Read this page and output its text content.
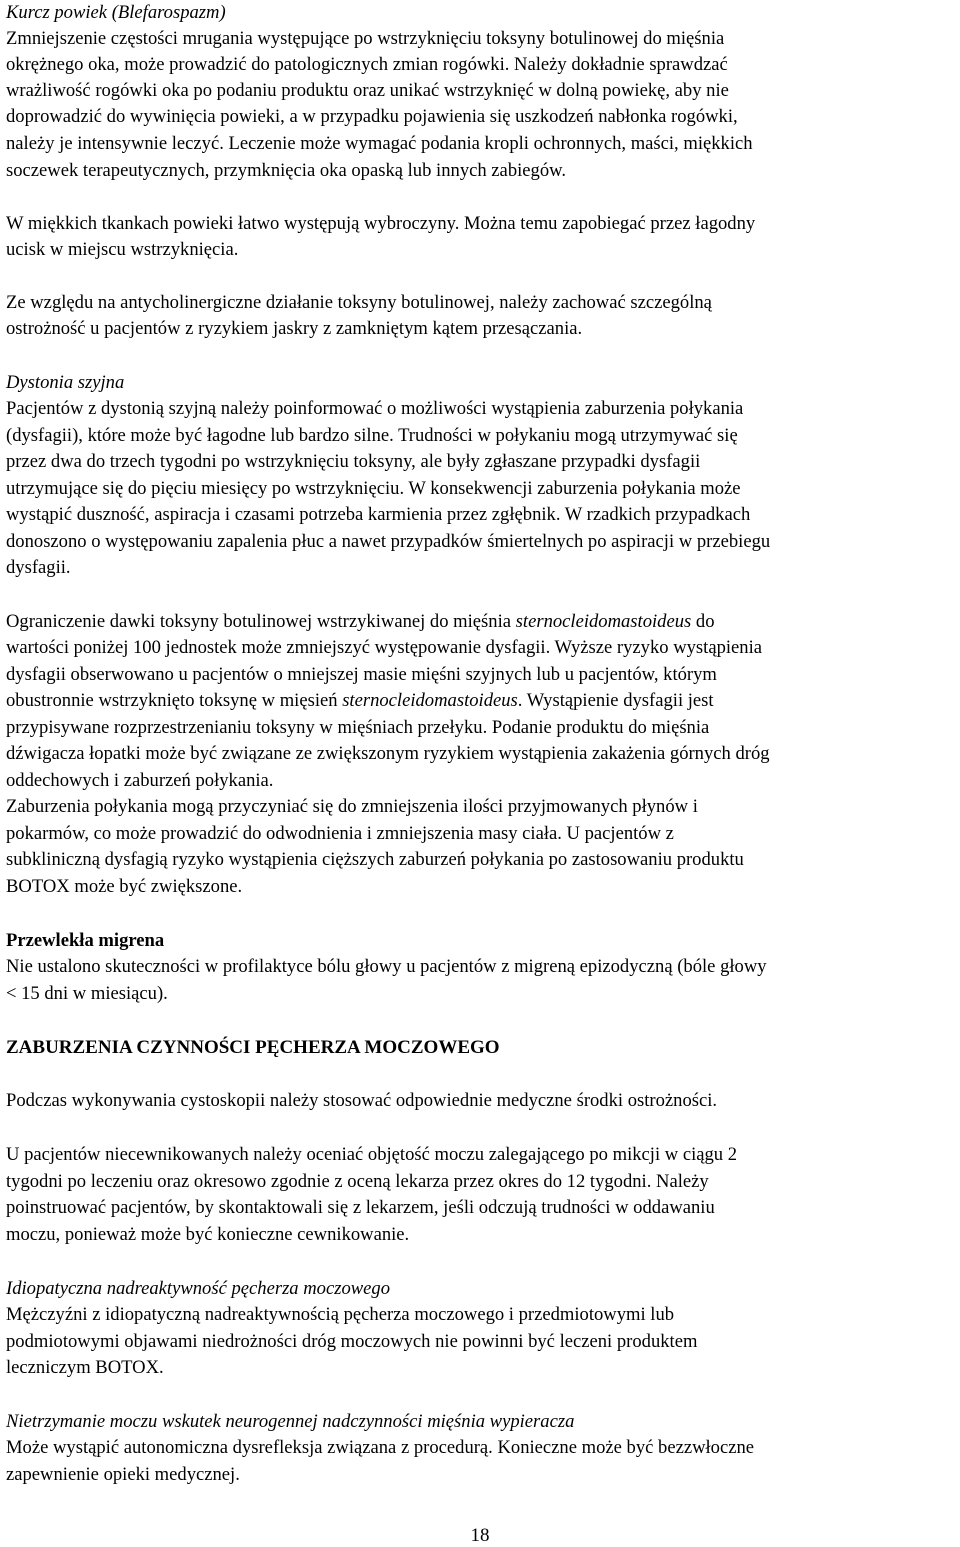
Kurcz powiek (Blefarospazm)
Zmniejszenie częstości mrugania występujące po wstrzyknięciu toksyny botulinowej do mięśnia
okrężnego oka, może prowadzić do patologicznych zmian rogówki. Należy dokładnie sprawdzać
wrażliwość rogówki oka po podaniu produktu oraz unikać wstrzyknięć w dolną powiekę, aby nie
doprowadzić do wywinięcia powieki, a w przypadku pojawienia się uszkodzeń nabłonka rogówki,
należy je intensywnie leczyć. Leczenie może wymagać podania kropli ochronnych, maści, miękkich
soczewek terapeutycznych, przymknięcia oka opaską lub innych zabiegów.
W miękkich tkankach powieki łatwo występują wybroczyny. Można temu zapobiegać przez łagodny
ucisk w miejscu wstrzyknięcia.
Ze względu na antycholinergiczne działanie toksyny botulinowej, należy zachować szczególną
ostrożność u pacjentów z ryzykiem jaskry z zamkniętym kątem przesączania.
Dystonia szyjna
Pacjentów z dystonią szyjną należy poinformować o możliwości wystąpienia zaburzenia połykania
(dysfagii), które może być łagodne lub bardzo silne. Trudności w połykaniu mogą utrzymywać się
przez dwa do trzech tygodni po wstrzyknięciu toksyny, ale były zgłaszane przypadki dysfagii
utrzymujące się do pięciu miesięcy po wstrzyknięciu. W konsekwencji zaburzenia połykania może
wystąpić duszność, aspiracja i czasami potrzeba karmienia przez zgłębnik. W rzadkich przypadkach
donoszono o występowaniu zapalenia płuc a nawet przypadków śmiertelnych po aspiracji w przebiegu
dysfagii.
Ograniczenie dawki toksyny botulinowej wstrzykiwanej do mięśnia sternocleidomastoideus do
wartości poniżej 100 jednostek może zmniejszyć występowanie dysfagii. Wyższe ryzyko wystąpienia
dysfagii obserwowano u pacjentów o mniejszej masie mięśni szyjnych lub u pacjentów, którym
obustronnie wstrzyknięto toksynę w mięsień sternocleidomastoideus. Wystąpienie dysfagii jest
przypisywane rozprzestrzenianiu toksyny w mięśniach przełyku. Podanie produktu do mięśnia
dźwigacza łopatki może być związane ze zwiększonym ryzykiem wystąpienia zakażenia górnych dróg
oddechowych i zaburzeń połykania.
Zaburzenia połykania mogą przyczyniać się do zmniejszenia ilości przyjmowanych płynów i
pokarmów, co może prowadzić do odwodnienia i zmniejszenia masy ciała. U pacjentów z
subkliniczną dysfagią ryzyko wystąpienia cięższych zaburzeń połykania po zastosowaniu produktu
BOTOX może być zwiększone.
Przewlekła migrena
Nie ustalono skuteczności w profilaktyce bólu głowy u pacjentów z migreną epizodyczną (bóle głowy
< 15 dni w miesiącu).
ZABURZENIA CZYNNOŚCI PĘCHERZA MOCZOWEGO
Podczas wykonywania cystoskopii należy stosować odpowiednie medyczne środki ostrożności.
U pacjentów niecewnikowanych należy oceniać objętość moczu zalegającego po mikcji w ciągu 2
tygodni po leczeniu oraz okresowo zgodnie z oceną lekarza przez okres do 12 tygodni. Należy
poinstruować pacjentów, by skontaktowali się z lekarzem, jeśli odczują trudności w oddawaniu
moczu, ponieważ może być konieczne cewnikowanie.
Idiopatyczna nadreaktywność pęcherza moczowego
Mężczyźni z idiopatyczną nadreaktywnością pęcherza moczowego i przedmiotowymi lub
podmiotowymi objawami niedrożności dróg moczowych nie powinni być leczeni produktem
leczniczym BOTOX.
Nietrzymanie moczu wskutek neurogennej nadczynności mięśnia wypieracza
Może wystąpić autonomiczna dysrefleksja związana z procedurą. Konieczne może być bezzwłoczne
zapewnienie opieki medycznej.
18
